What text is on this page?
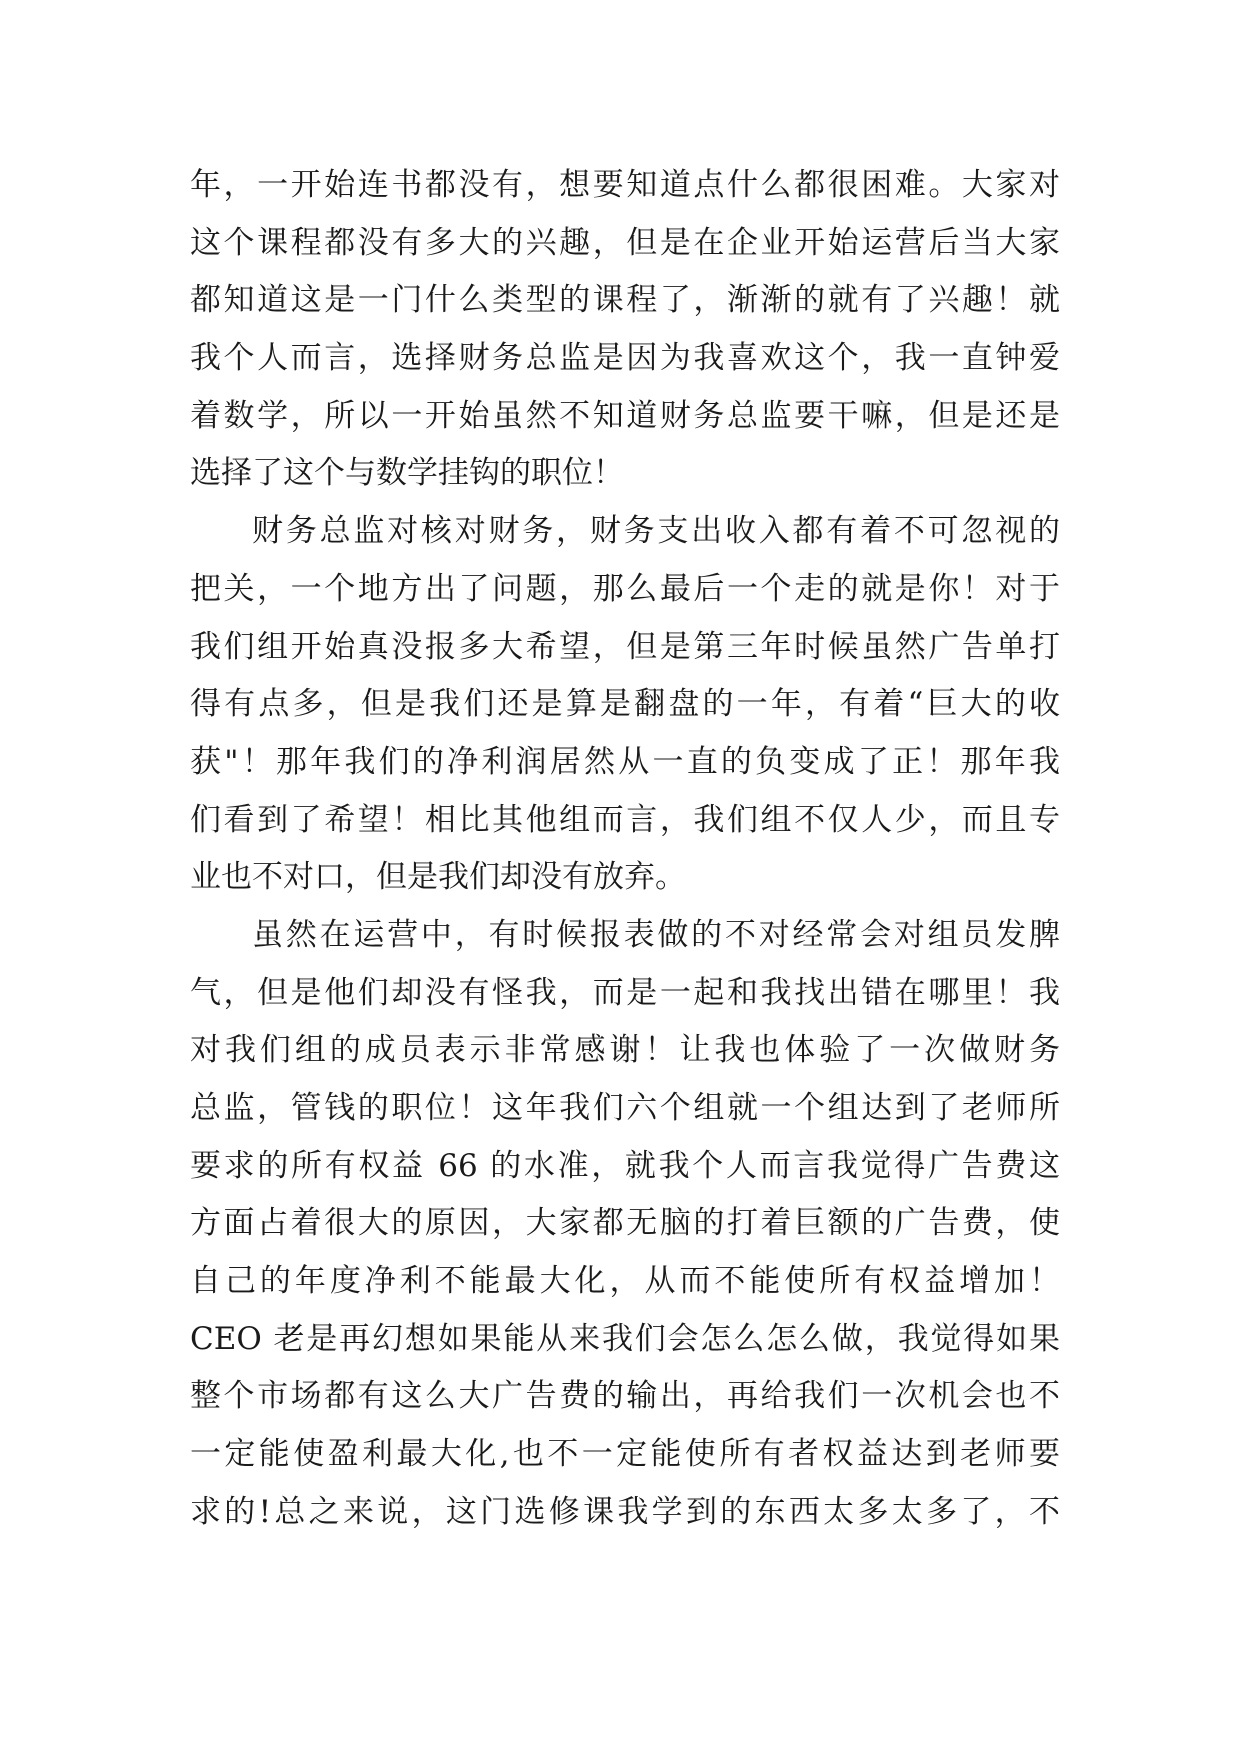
年，一开始连书都没有，想要知道点什么都很困难。大家对
这个课程都没有多大的兴趣，但是在企业开始运营后当大家
都知道这是一门什么类型的课程了，渐渐的就有了兴趣！就
我个人而言，选择财务总监是因为我喜欢这个，我一直钟爱
着数学，所以一开始虽然不知道财务总监要干嘛，但是还是
选择了这个与数学挂钩的职位！
财务总监对核对财务，财务支出收入都有着不可忽视的
把关，一个地方出了问题，那么最后一个走的就是你！对于
我们组开始真没报多大希望，但是第三年时候虽然广告单打
得有点多，但是我们还是算是翻盘的一年，有着“巨大的收
获"！那年我们的净利润居然从一直的负变成了正！那年我
们看到了希望！相比其他组而言，我们组不仅人少，而且专
业也不对口，但是我们却没有放弃。
虽然在运营中，有时候报表做的不对经常会对组员发脾
气，但是他们却没有怪我，而是一起和我找出错在哪里！我
对我们组的成员表示非常感谢！让我也体验了一次做财务
总监，管钱的职位！这年我们六个组就一个组达到了老师所
要求的所有权益 66 的水准，就我个人而言我觉得广告费这
方面占着很大的原因，大家都无脑的打着巨额的广告费，使
自己的年度净利不能最大化，从而不能使所有权益增加！
CEO 老是再幻想如果能从来我们会怎么怎么做，我觉得如果
整个市场都有这么大广告费的输出，再给我们一次机会也不
一定能使盈利最大化,也不一定能使所有者权益达到老师要
求的!总之来说，这门选修课我学到的东西太多太多了，不
